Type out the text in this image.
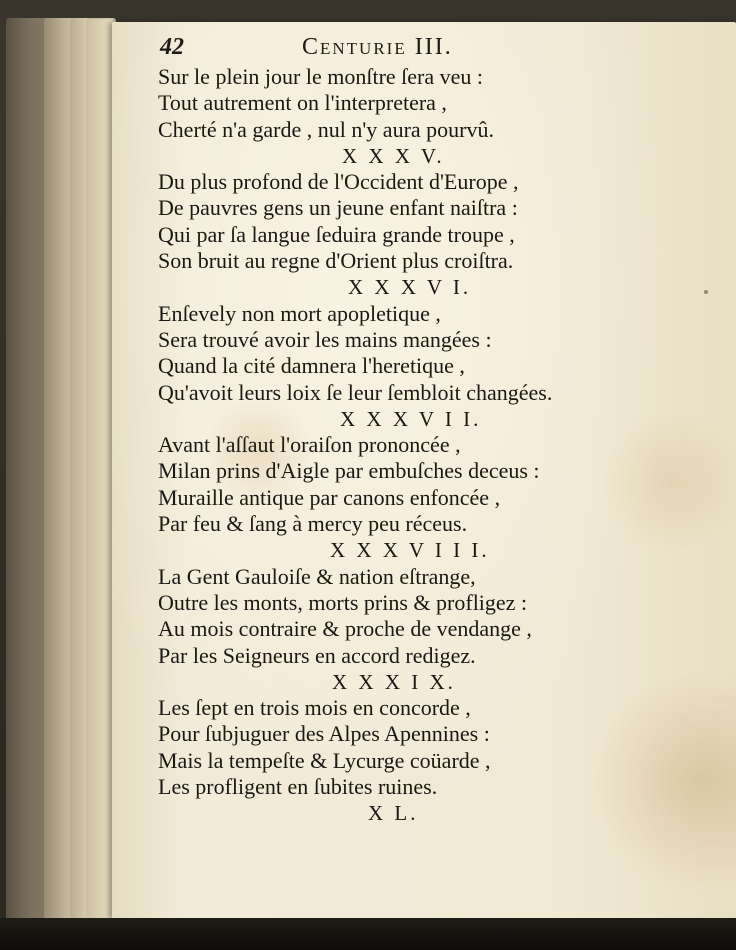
42	Centurie III.
Sur le plein jour le monſtre ſera veu :
Tout autrement on l'interpretera ,
Cherté n'a garde , nul n'y aura pourvû.
X X X V.
Du plus profond de l'Occident d'Europe ,
De pauvres gens un jeune enfant naiſtra :
Qui par ſa langue ſeduira grande troupe ,
Son bruit au regne d'Orient plus croiſtra.
X X X V I.
Enſevely non mort apopletique ,
Sera trouvé avoir les mains mangées :
Quand la cité damnera l'heretique ,
Qu'avoit leurs loix ſe leur ſembloit changées.
X X X V I I.
Avant l'aſſaut l'oraiſon prononcée ,
Milan prins d'Aigle par embuſches deceus :
Muraille antique par canons enfoncée ,
Par feu & ſang à mercy peu réceus.
X X X V I I I.
La Gent Gauloiſe & nation eſtrange,
Outre les monts, morts prins & profligez :
Au mois contraire & proche de vendange ,
Par les Seigneurs en accord redigez.
X X X I X.
Les ſept en trois mois en concorde ,
Pour ſubjuguer des Alpes Apennines :
Mais la tempeſte & Lycurge coüarde ,
Les profligent en ſubites ruines.
X L.
